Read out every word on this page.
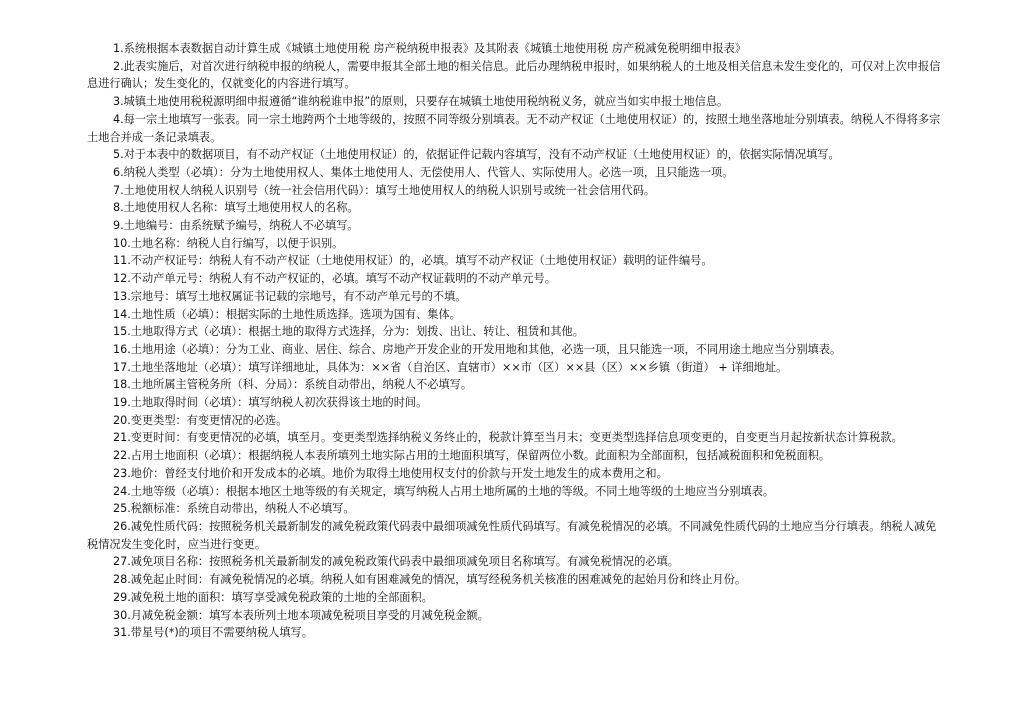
1.系统根据本表数据自动计算生成《城镇土地使用税 房产税纳税申报表》及其附表《城镇土地使用税 房产税减免税明细申报表》

2.此表实施后，对首次进行纳税申报的纳税人，需要申报其全部土地的相关信息。此后办理纳税申报时，如果纳税人的土地及相关信息未发生变化的，可仅对上次申报信息进行确认；发生变化的，仅就变化的内容进行填写。

3.城镇土地使用税税源明细申报遵循“谁纳税谁申报”的原则，只要存在城镇土地使用税纳税义务，就应当如实申报土地信息。

4.每一宗土地填写一张表。同一宗土地跨两个土地等级的，按照不同等级分别填表。无不动产权证（土地使用权证）的，按照土地坐落地址分别填表。纳税人不得将多宗土地合并成一条记录填表。

5.对于本表中的数据项目，有不动产权证（土地使用权证）的，依据证件记载内容填写，没有不动产权证（土地使用权证）的，依据实际情况填写。

6.纳税人类型（必填）：分为土地使用权人、集体土地使用人、无偿使用人、代管人、实际使用人。必选一项，且只能选一项。

7.土地使用权人纳税人识别号（统一社会信用代码）：填写土地使用权人的纳税人识别号或统一社会信用代码。

8.土地使用权人名称：填写土地使用权人的名称。

9.土地编号：由系统赋予编号，纳税人不必填写。

10.土地名称：纳税人自行编写，以便于识别。

11.不动产权证号：纳税人有不动产权证（土地使用权证）的，必填。填写不动产权证（土地使用权证）载明的证件编号。

12.不动产单元号：纳税人有不动产权证的，必填。填写不动产权证载明的不动产单元号。

13.宗地号：填写土地权属证书记载的宗地号，有不动产单元号的不填。

14.土地性质（必填）：根据实际的土地性质选择。选项为国有、集体。

15.土地取得方式（必填）：根据土地的取得方式选择，分为：划拨、出让、转让、租赁和其他。

16.土地用途（必填）：分为工业、商业、居住、综合、房地产开发企业的开发用地和其他，必选一项，且只能选一项，不同用途土地应当分别填表。

17.土地坐落地址（必填）：填写详细地址，具体为：××省（自治区、直辖市）××市（区）××县（区）××乡镇（街道） + 详细地址。

18.土地所属主管税务所（科、分局）：系统自动带出，纳税人不必填写。

19.土地取得时间（必填）：填写纳税人初次获得该土地的时间。

20.变更类型：有变更情况的必选。

21.变更时间：有变更情况的必填，填至月。变更类型选择纳税义务终止的，税款计算至当月末；变更类型选择信息项变更的，自变更当月起按新状态计算税款。

22.占用土地面积（必填）：根据纳税人本表所填列土地实际占用的土地面积填写，保留两位小数。此面积为全部面积，包括减税面积和免税面积。

23.地价：曾经支付地价和开发成本的必填。地价为取得土地使用权支付的价款与开发土地发生的成本费用之和。

24.土地等级（必填）：根据本地区土地等级的有关规定，填写纳税人占用土地所属的土地的等级。不同土地等级的土地应当分别填表。

25.税额标准：系统自动带出，纳税人不必填写。

26.减免性质代码：按照税务机关最新制发的减免税政策代码表中最细项减免性质代码填写。有减免税情况的必填。不同减免性质代码的土地应当分行填表。纳税人减免税情况发生变化时，应当进行变更。

27.减免项目名称：按照税务机关最新制发的减免税政策代码表中最细项减免项目名称填写。有减免税情况的必填。

28.减免起止时间：有减免税情况的必填。纳税人如有困难减免的情况，填写经税务机关核准的困难减免的起始月份和终止月份。

29.减免税土地的面积：填写享受减免税政策的土地的全部面积。

30.月减免税金额：填写本表所列土地本项减免税项目享受的月减免税金额。

31.带星号(*)的项目不需要纳税人填写。
